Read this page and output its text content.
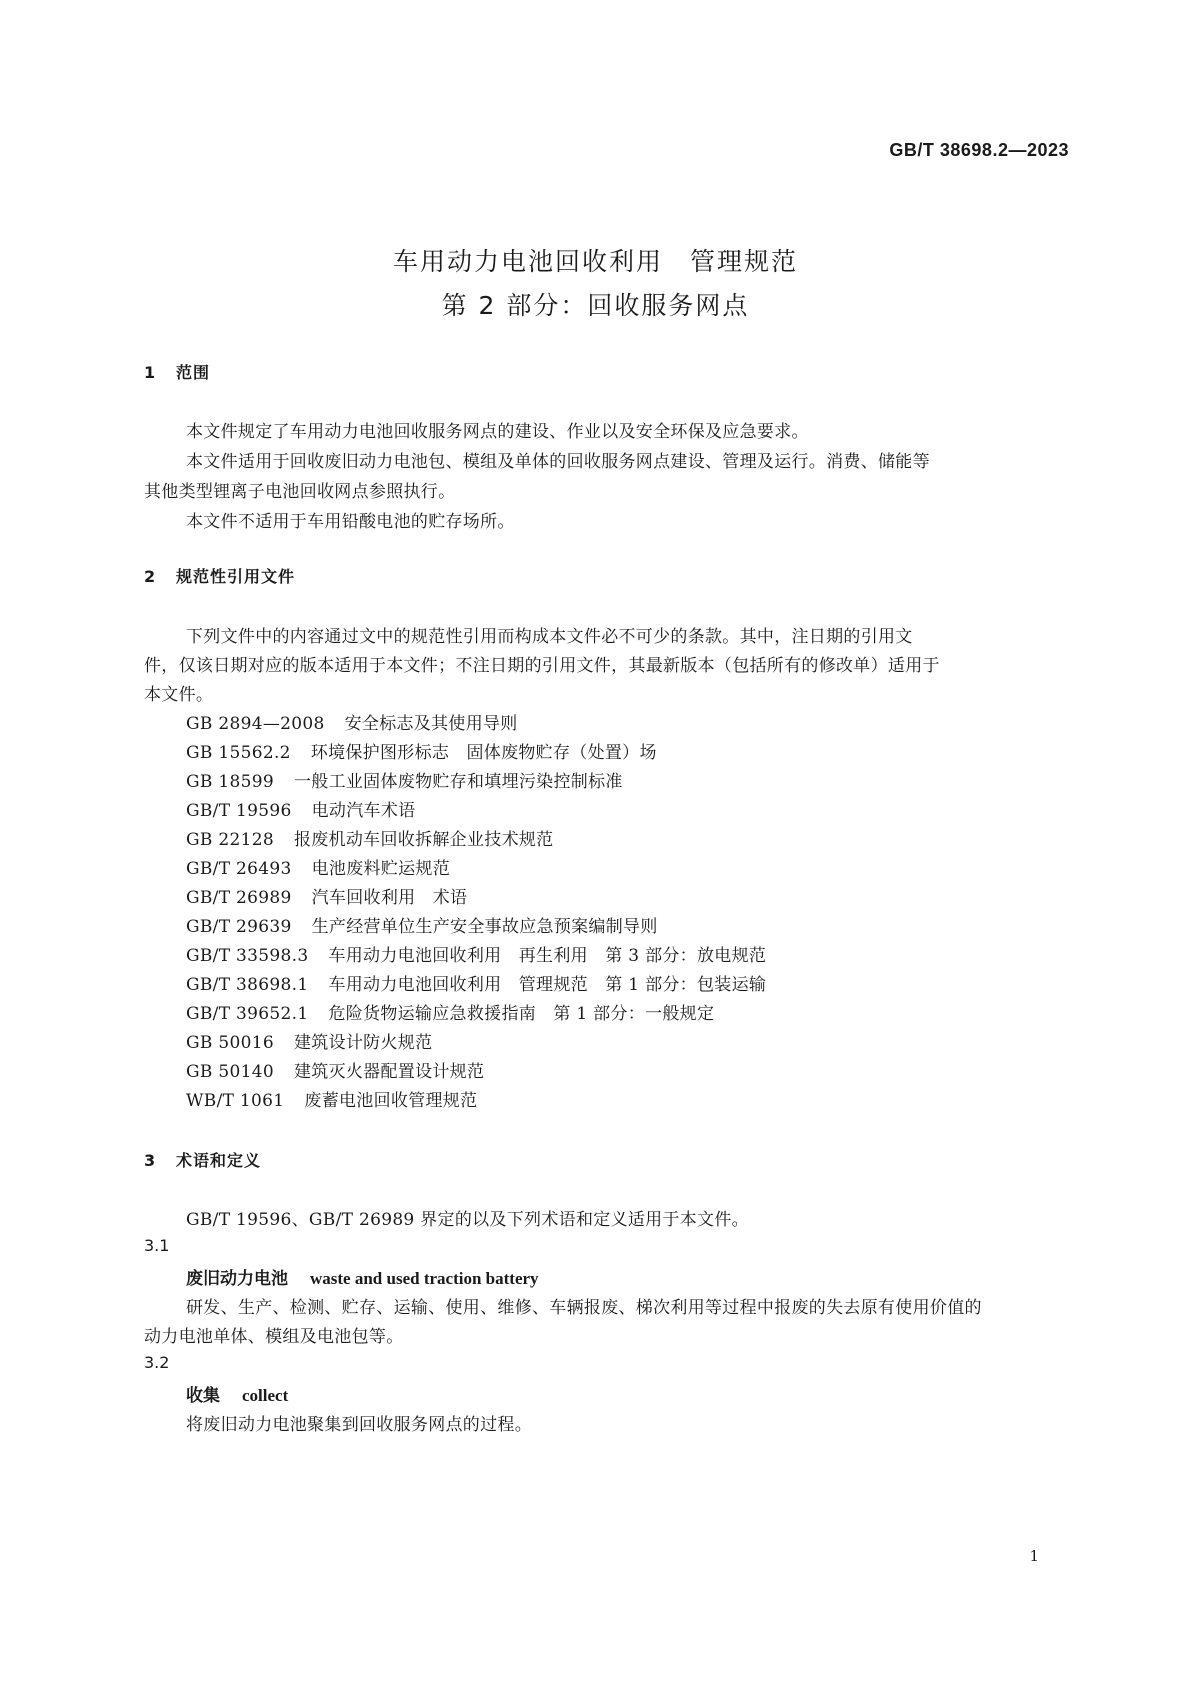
GB/T 38698.2—2023
车用动力电池回收利用　管理规范
第 2 部分：回收服务网点
1 范围
本文件规定了车用动力电池回收服务网点的建设、作业以及安全环保及应急要求。
本文件适用于回收废旧动力电池包、模组及单体的回收服务网点建设、管理及运行。消费、储能等
其他类型锂离子电池回收网点参照执行。
本文件不适用于车用铅酸电池的贮存场所。
2 规范性引用文件
下列文件中的内容通过文中的规范性引用而构成本文件必不可少的条款。其中，注日期的引用文
件，仅该日期对应的版本适用于本文件；不注日期的引用文件，其最新版本（包括所有的修改单）适用于
本文件。
GB 2894—2008 安全标志及其使用导则
GB 15562.2 环境保护图形标志　固体废物贮存（处置）场
GB 18599 一般工业固体废物贮存和填埋污染控制标准
GB/T 19596 电动汽车术语
GB 22128 报废机动车回收拆解企业技术规范
GB/T 26493 电池废料贮运规范
GB/T 26989 汽车回收利用　术语
GB/T 29639 生产经营单位生产安全事故应急预案编制导则
GB/T 33598.3 车用动力电池回收利用　再生利用　第 3 部分：放电规范
GB/T 38698.1 车用动力电池回收利用　管理规范　第 1 部分：包装运输
GB/T 39652.1 危险货物运输应急救援指南　第 1 部分：一般规定
GB 50016 建筑设计防火规范
GB 50140 建筑灭火器配置设计规范
WB/T 1061 废蓄电池回收管理规范
3 术语和定义
GB/T 19596、GB/T 26989 界定的以及下列术语和定义适用于本文件。
3.1
废旧动力电池 waste and used traction battery
研发、生产、检测、贮存、运输、使用、维修、车辆报废、梯次利用等过程中报废的失去原有使用价值的
动力电池单体、模组及电池包等。
3.2
收集 collect
将废旧动力电池聚集到回收服务网点的过程。
1
